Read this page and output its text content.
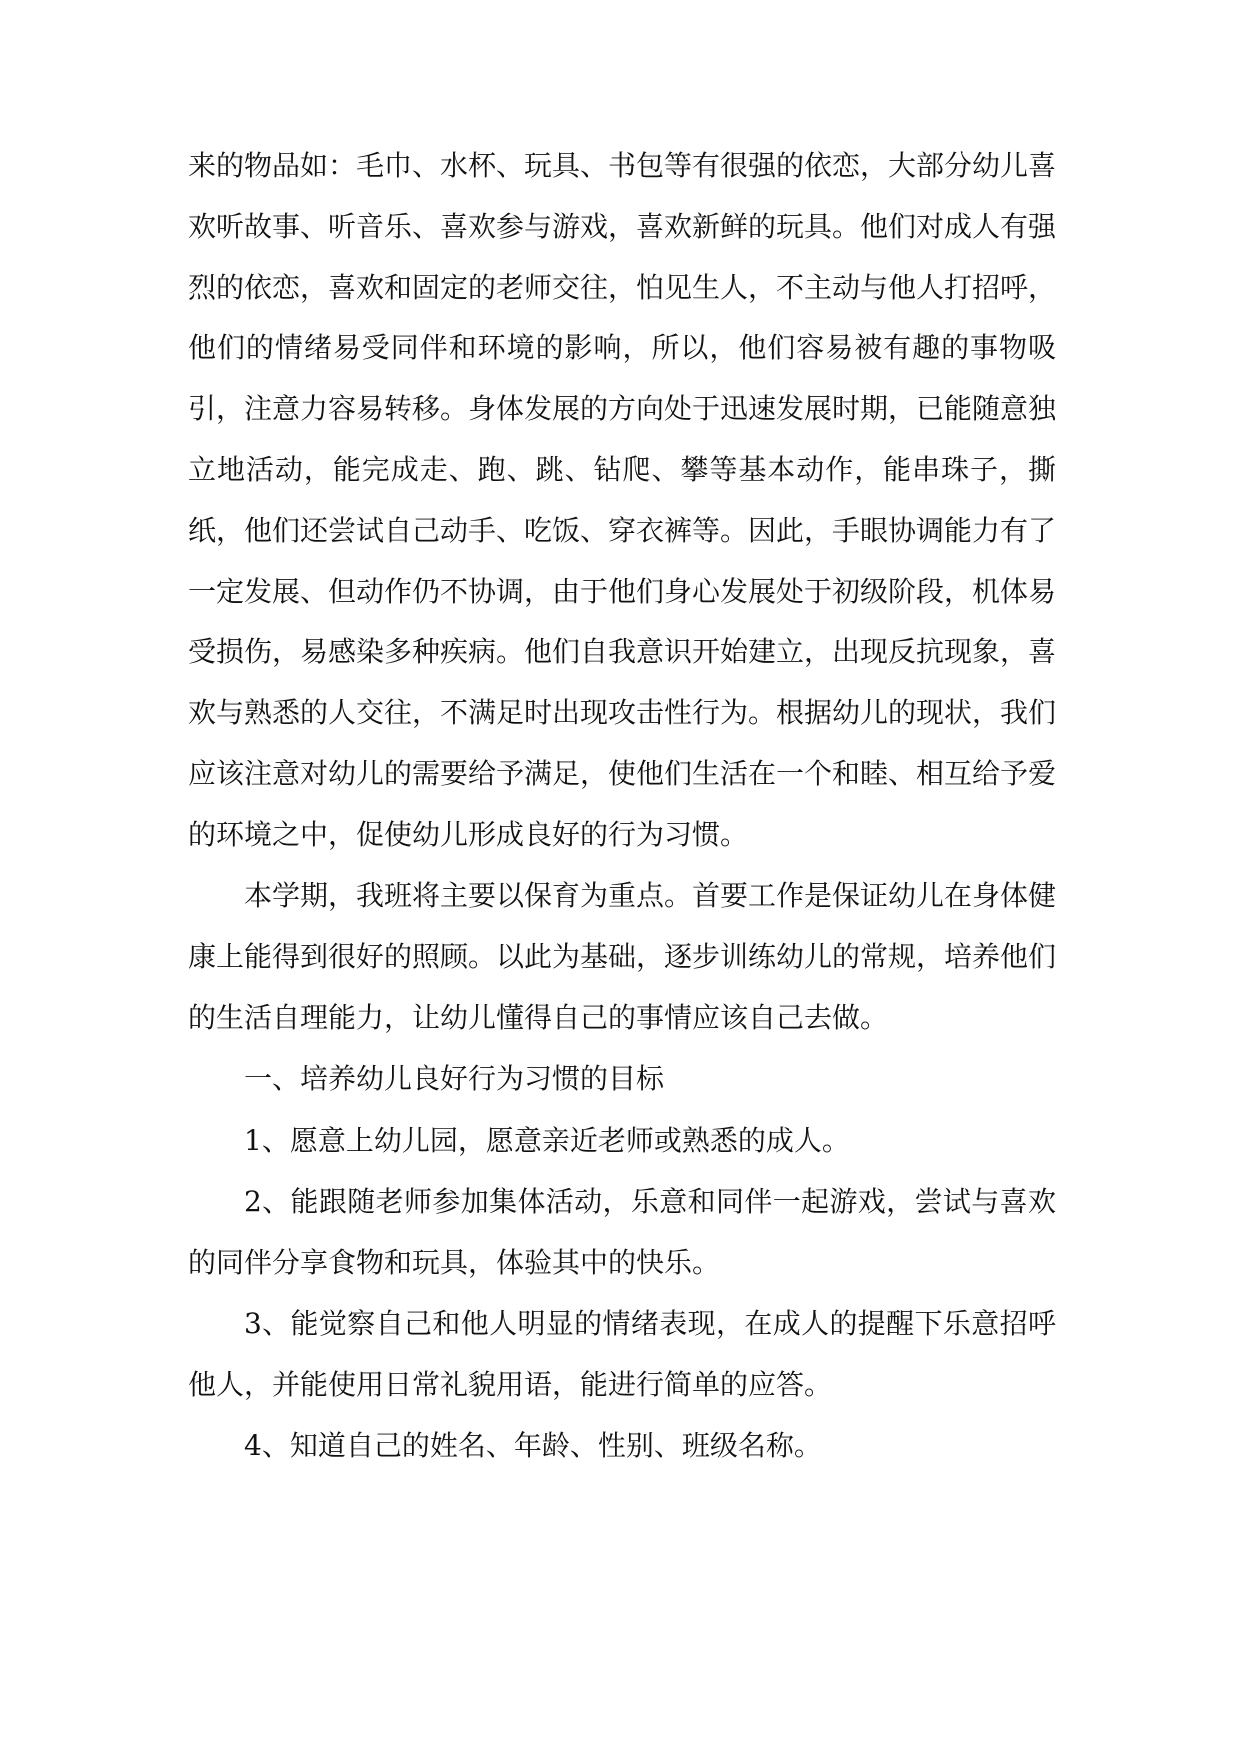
来的物品如：毛巾、水杯、玩具、书包等有很强的依恋，大部分幼儿喜欢听故事、听音乐、喜欢参与游戏，喜欢新鲜的玩具。他们对成人有强烈的依恋，喜欢和固定的老师交往，怕见生人，不主动与他人打招呼，他们的情绪易受同伴和环境的影响，所以，他们容易被有趣的事物吸引，注意力容易转移。身体发展的方向处于迅速发展时期，已能随意独立地活动，能完成走、跑、跳、钻爬、攀等基本动作，能串珠子，撕纸，他们还尝试自己动手、吃饭、穿衣裤等。因此，手眼协调能力有了一定发展、但动作仍不协调，由于他们身心发展处于初级阶段，机体易受损伤，易感染多种疾病。他们自我意识开始建立，出现反抗现象，喜欢与熟悉的人交往，不满足时出现攻击性行为。根据幼儿的现状，我们应该注意对幼儿的需要给予满足，使他们生活在一个和睦、相互给予爱的环境之中，促使幼儿形成良好的行为习惯。

本学期，我班将主要以保育为重点。首要工作是保证幼儿在身体健康上能得到很好的照顾。以此为基础，逐步训练幼儿的常规，培养他们的生活自理能力，让幼儿懂得自己的事情应该自己去做。

一、培养幼儿良好行为习惯的目标

1、愿意上幼儿园，愿意亲近老师或熟悉的成人。

2、能跟随老师参加集体活动，乐意和同伴一起游戏，尝试与喜欢的同伴分享食物和玩具，体验其中的快乐。

3、能觉察自己和他人明显的情绪表现，在成人的提醒下乐意招呼他人，并能使用日常礼貌用语，能进行简单的应答。

4、知道自己的姓名、年龄、性别、班级名称。
